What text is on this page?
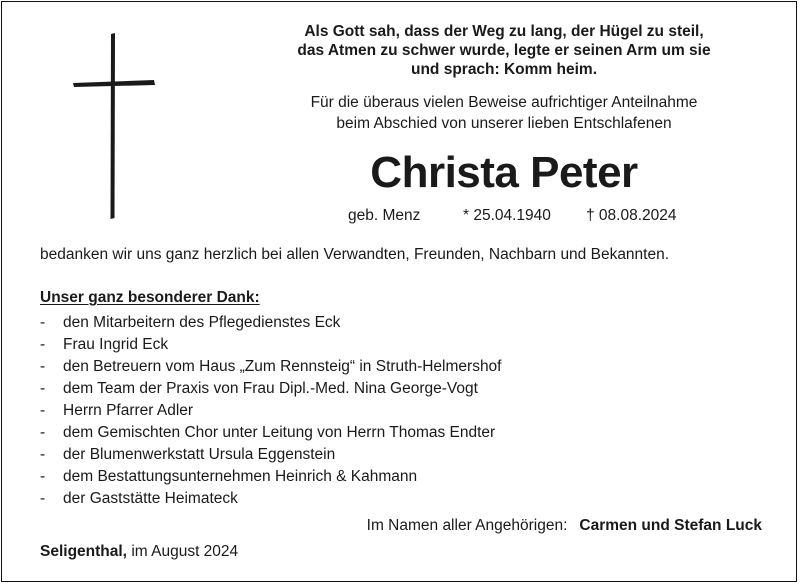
Als Gott sah, dass der Weg zu lang, der Hügel zu steil,
das Atmen zu schwer wurde, legte er seinen Arm um sie
und sprach: Komm heim.
Für die überaus vielen Beweise aufrichtiger Anteilnahme
beim Abschied von unserer lieben Entschlafenen
Christa Peter
geb. Menz	* 25.04.1940 † 08.08.2024
bedanken wir uns ganz herzlich bei allen Verwandten, Freunden, Nachbarn und Bekannten.
Unser ganz besonderer Dank:
-	den Mitarbeitern des Pflegedienstes Eck
-	Frau Ingrid Eck
-	den Betreuern vom Haus „Zum Rennsteig“ in Struth-Helmershof
-	dem Team der Praxis von Frau Dipl.-Med. Nina George-Vogt
-	Herrn Pfarrer Adler
-	dem Gemischten Chor unter Leitung von Herrn Thomas Endter
-	der Blumenwerkstatt Ursula Eggenstein
-	dem Bestattungsunternehmen Heinrich & Kahmann
-	der Gaststätte Heimateck
Im Namen aller Angehörigen: Carmen und Stefan Luck
Seligenthal, im August 2024
